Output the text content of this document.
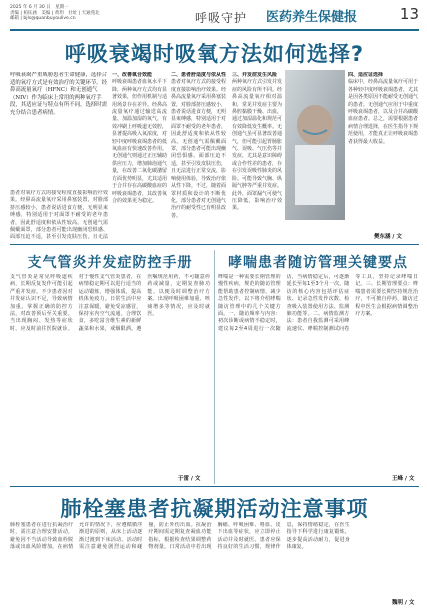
2025 年 6 月 30 日　星期一
责编 | 柏钰涵　美编 | 黄玥　社址 | 天通苑北
邮箱 | bjls@quanbuyoulive.cn	呼吸守护 医药养生保健报	13
呼吸衰竭时吸氧方法如何选择?
呼吸衰竭严重威胁患者生命健康，选择合适的氧疗方式是有效治疗的关键环节。经鼻高流量氧疗（HFNC）和无创通气（NIV）作为临床上常用的两种氧疗手段，其适应证与特点有所不同，选择时需充分结合患者病情。
一、改善氧合效能
呼吸衰竭患者血氧水平下降，两种氧疗方式均有显著效果，但作用机制与适用场景存在差异。经鼻高流量氧疗通过输送高流量、加温加湿的氧气，有效冲刷上呼吸道无效腔，显著提高吸入氧浓度，对轻中度呼吸衰竭患者的低氧血症有快速改善作用。无创通气则通过正压辅助供应压力，增加肺泡通气量，在改善二氧化碳潴留方面优势明显，尤其适用于合并存在高碳酸血症的呼吸衰竭患者，其改善氧合的效果更为稳定。
患者对氧疗方式的接受程度直接影响治疗效果。经鼻高流量氧疗采用鼻塞装置，对脸部挤压感较小，患者说话进食方便，无明显束缚感，特别适用于对面罩不耐受的老年患者，因此舒适度和依从性较高。无创通气需佩戴面罩，部分患者可能出现幽闭恐惧感、面部压迫不适，甚至引发皮肤压伤，且无法
二、患者舒适度与依从性
患者对氧疗方式的接受程度直接影响治疗效果。经鼻高流量氧疗采用鼻塞装置，对脸部挤压感较小，患者说话进食方便，无明显束缚感，特别适用于对面罩不耐受的老年患者，因此舒适度和依从性较高。无创通气需佩戴面罩，部分患者可能出现幽闭恐惧感、面部压迫不适，甚至引发皮肤压伤，且无法进行正常交流，影响使用体验，导致治疗依从性下降。不过，随着面罩材质和设计的不断优化，部分患者对无创通气治疗的耐受性已有明显改善。
三、并发症发生风险
两种氧疗方式引发并发症的风险有所不同。经鼻高流量氧疗相对温和，常见并发症主要为鼻腔黏膜干燥、出血，通过加湿温化和规范可有效降低发生概率。无创通气虽可显著改善通气，但可能引起胃肠胀气、误吸、气压伤等并发症，尤其是意识障碍或合作性差的患者，存在引发误吸性肺炎的风险。可能导致气胸、纵隔气肿等严重并发症。此外，面罩漏气可使气压降低，影响治疗效果。
四、适应证选择
临床中，经鼻高流量氧疗可用于各种轻中度呼吸衰竭患者，尤其是因各类原因不能耐受无创通气的患者。无创通气应用于中重度呼吸衰竭患者，以及合并高碳酸血症患者。总之，需要根据患者病情合理选择，在医生指导下规范使用，才能真正让呼吸衰竭患者获得最大收益。
樊东涵 / 文
支气管炎并发症防控手册
支气管炎是常见呼吸道疾病，长期反复发作可能引起严重并发症。不少患者因对并发症认识不足，导致病情加重。掌握正确的防控方法，对改善预后至关重要。当出现胸闷、发热等症状时，应及时前往医院就诊。对于慢性支气管炎患者，在病情稳定期可以进行适当的运动锻炼，增强体质，提高机体免疫力。日常生活中应注意保暖，避免受凉感冒，保持室内空气流通。合理饮食，多吃富含维生素的新鲜蔬菜和水果，戒烟限酒。遵医嘱规范用药，不可随意停药或减量，定期复查肺功能，以便及时调整治疗方案。出现呼吸困难加重、咳痰增多等情况，应及时就医。
于雷 / 文
哮喘患者随访管理关键要点
哮喘是一种需要长期管理的慢性疾病，规范的随访管理能帮助患者控制病情、减少急性发作，以下将介绍哮喘随访管理中的几个关键方面。一、随访频率与内容：初次诊断或病情不稳定时，建议每2至4周进行一次随访，当病情稳定后，可逐渐延长至每1至3个月一次。随访的核心内容包括评估症状、记录急性发作次数、检查吸入装置使用方法、监测肺功能等。二、病情监测方法：患者自我监测可采用峰流速仪、哮喘控制测试问卷等工具，坚持记录哮喘日记。三、长期管理要点：哮喘患者需要长期坚持规范治疗，不可擅自停药，随访过程中医生会根据病情调整治疗方案。
王峰 / 文
肺栓塞患者抗凝期活动注意事项
肺栓塞患者在进行抗凝治疗时，需注意合理安排活动，避免因不当活动导致血栓脱落或出血风险增加。在病情允许的情况下，应遵循循序渐进的原则，从床上活动逐渐过渡到下床活动。活动时需注意避免剧烈运动和碰撞，防止外伤出血。抗凝治疗期间需定期复查凝血功能指标，根据检查结果调整药物剂量。日常活动中若出现胸痛、呼吸困难、咯血、皮下出血等症状，应立即停止活动并及时就医。患者应保持良好的生活习惯，规律作息，保持情绪稳定，在医生指导下科学进行康复锻炼，逐步提高活动耐力，促进身体康复。
魏明 / 文
